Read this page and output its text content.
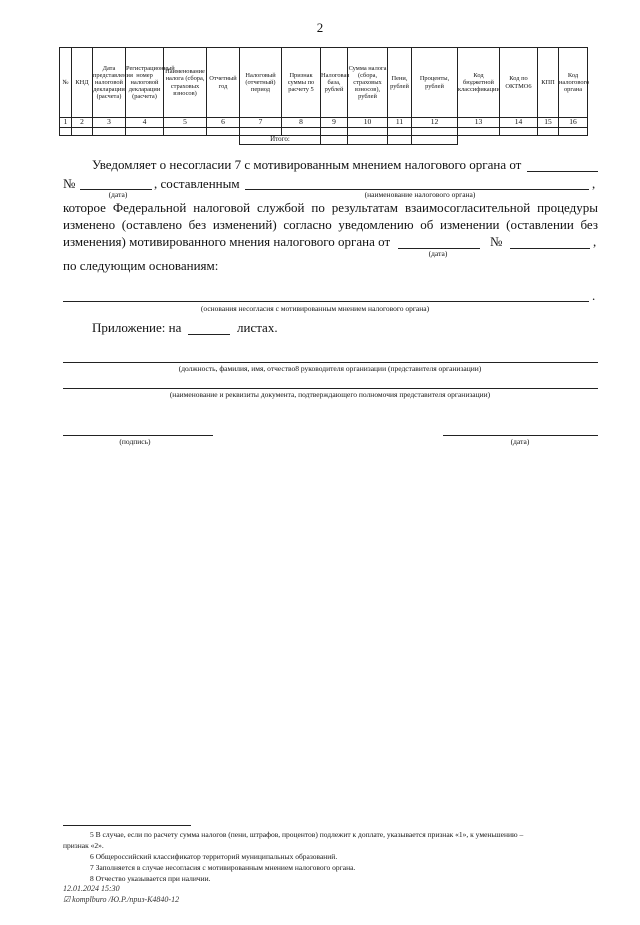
2
№	КНД	Дата представления налоговой декларации (расчета)	Регистрационный номер налоговой декларации (расчета)	Наименование налога (сбора, страховых взносов)	Отчетный год	Налоговый (отчетный) период	Признак суммы по расчету 5	Налоговая база, рублей	Сумма налога (сбора, страховых взносов), рублей	Пени, рублей	Проценты, рублей	Код бюджетной классификации	Код по ОКТМО6	КПП	Код налогового органа
1	2	3	4	5	6	7	8	9	10	11	12	13	14	15	16

						Итого:									
Уведомляет о несогласии 7 с мотивированным мнением налогового органа от
№	, составленным	,
(дата)	(наименование налогового органа)
которое Федеральной налоговой службой по результатам взаимосогласительной процедуры
изменено (оставлено без изменений) согласно уведомлению об изменении (оставлении без
изменения) мотивированного мнения налогового органа от	№	,
(дата)
по следующим основаниям:
.
(основания несогласия с мотивированным мнением налогового органа)
Приложение: на	листах.
(должность, фамилия, имя, отчество8 руководителя организации (представителя организации)
(наименование и реквизиты документа, подтверждающего полномочия представителя организации)
(подпись)	(дата)
5 В случае, если по расчету сумма налогов (пени, штрафов, процентов) подлежит к доплате, указывается признак «1», к уменьшению –
признак «2».
6 Общероссийский классификатор территорий муниципальных образований.
7 Заполняется в случае несогласия с мотивированным мнением налогового органа.
8 Отчество указывается при наличии.
12.01.2024 15:30
☑ komplburo /Ю.Р./приз-К4840-12
